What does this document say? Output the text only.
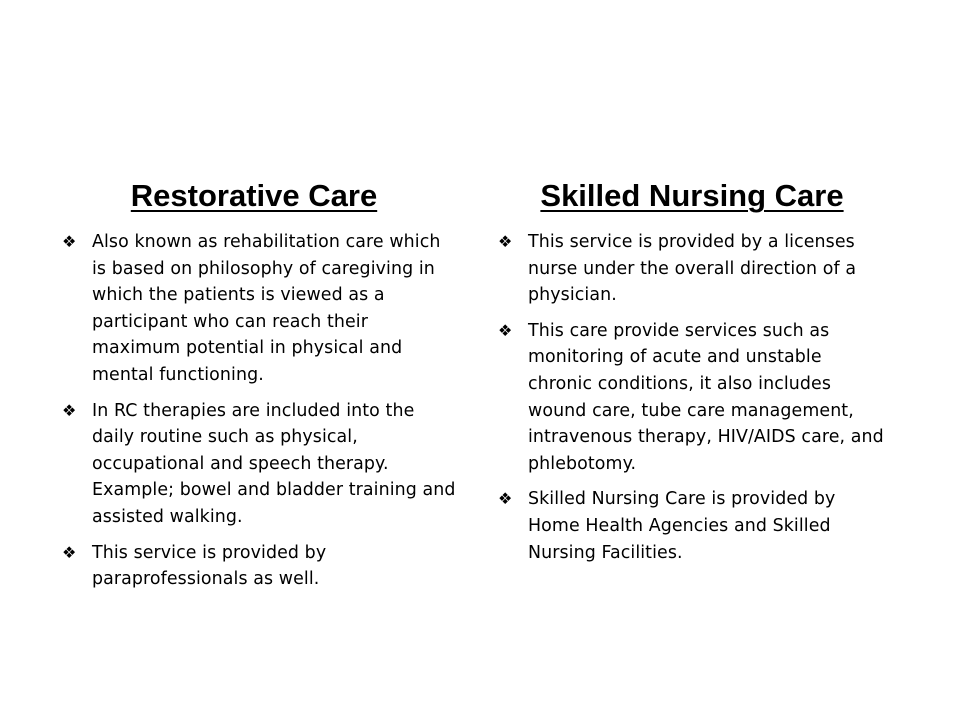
Restorative Care
❖ Also known as rehabilitation care which is based on philosophy of caregiving in which the patients is viewed as a participant who can reach their maximum potential in physical and mental functioning.
❖ In RC therapies are included into the daily routine such as physical, occupational and speech therapy. Example; bowel and bladder training and assisted walking.
❖ This service is provided by paraprofessionals as well.
Skilled Nursing Care
❖ This service is provided by a licenses nurse under the overall direction of a physician.
❖ This care provide services such as monitoring of acute and unstable chronic conditions, it also includes wound care, tube care management, intravenous therapy, HIV/AIDS care, and phlebotomy.
❖ Skilled Nursing Care is provided by Home Health Agencies and Skilled Nursing Facilities.
